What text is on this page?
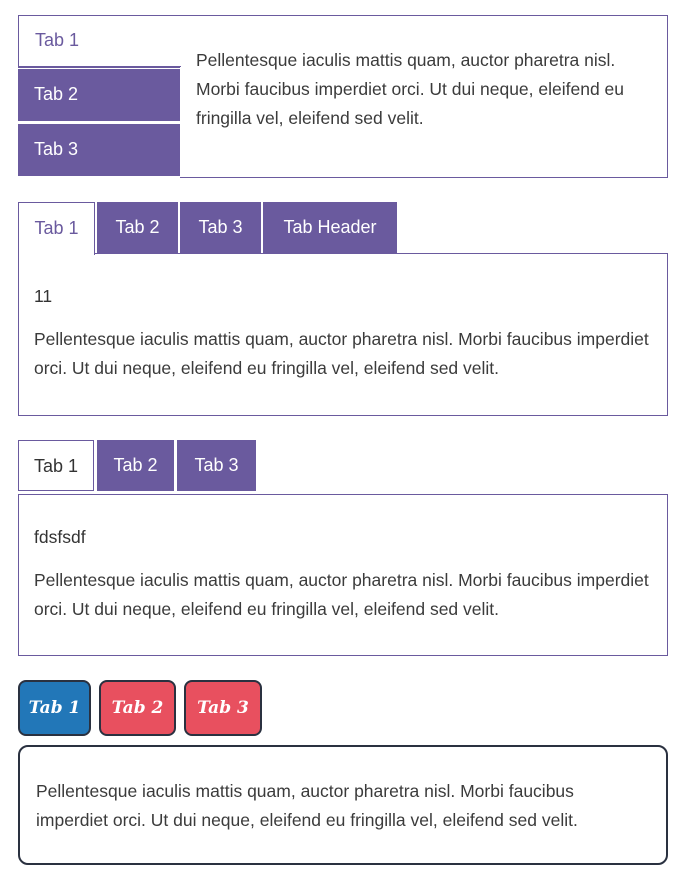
Pellentesque iaculis mattis quam, auctor pharetra nisl. Morbi faucibus imperdiet orci. Ut dui neque, eleifend eu fringilla vel, eleifend sed velit.

Tab 1
Tab 2
Tab 3

11

Pellentesque iaculis mattis quam, auctor pharetra nisl. Morbi faucibus imperdiet orci. Ut dui neque, eleifend eu fringilla vel, eleifend sed velit.

Tab 1	Tab 2	Tab 3	Tab Header
Tab 1	Tab 2	Tab 3

fdsfsdf

Pellentesque iaculis mattis quam, auctor pharetra nisl. Morbi faucibus imperdiet orci. Ut dui neque, eleifend eu fringilla vel, eleifend sed velit.

Tab 1	Tab 2	Tab 3

Pellentesque iaculis mattis quam, auctor pharetra nisl. Morbi faucibus imperdiet orci. Ut dui neque, eleifend eu fringilla vel, eleifend sed velit.
